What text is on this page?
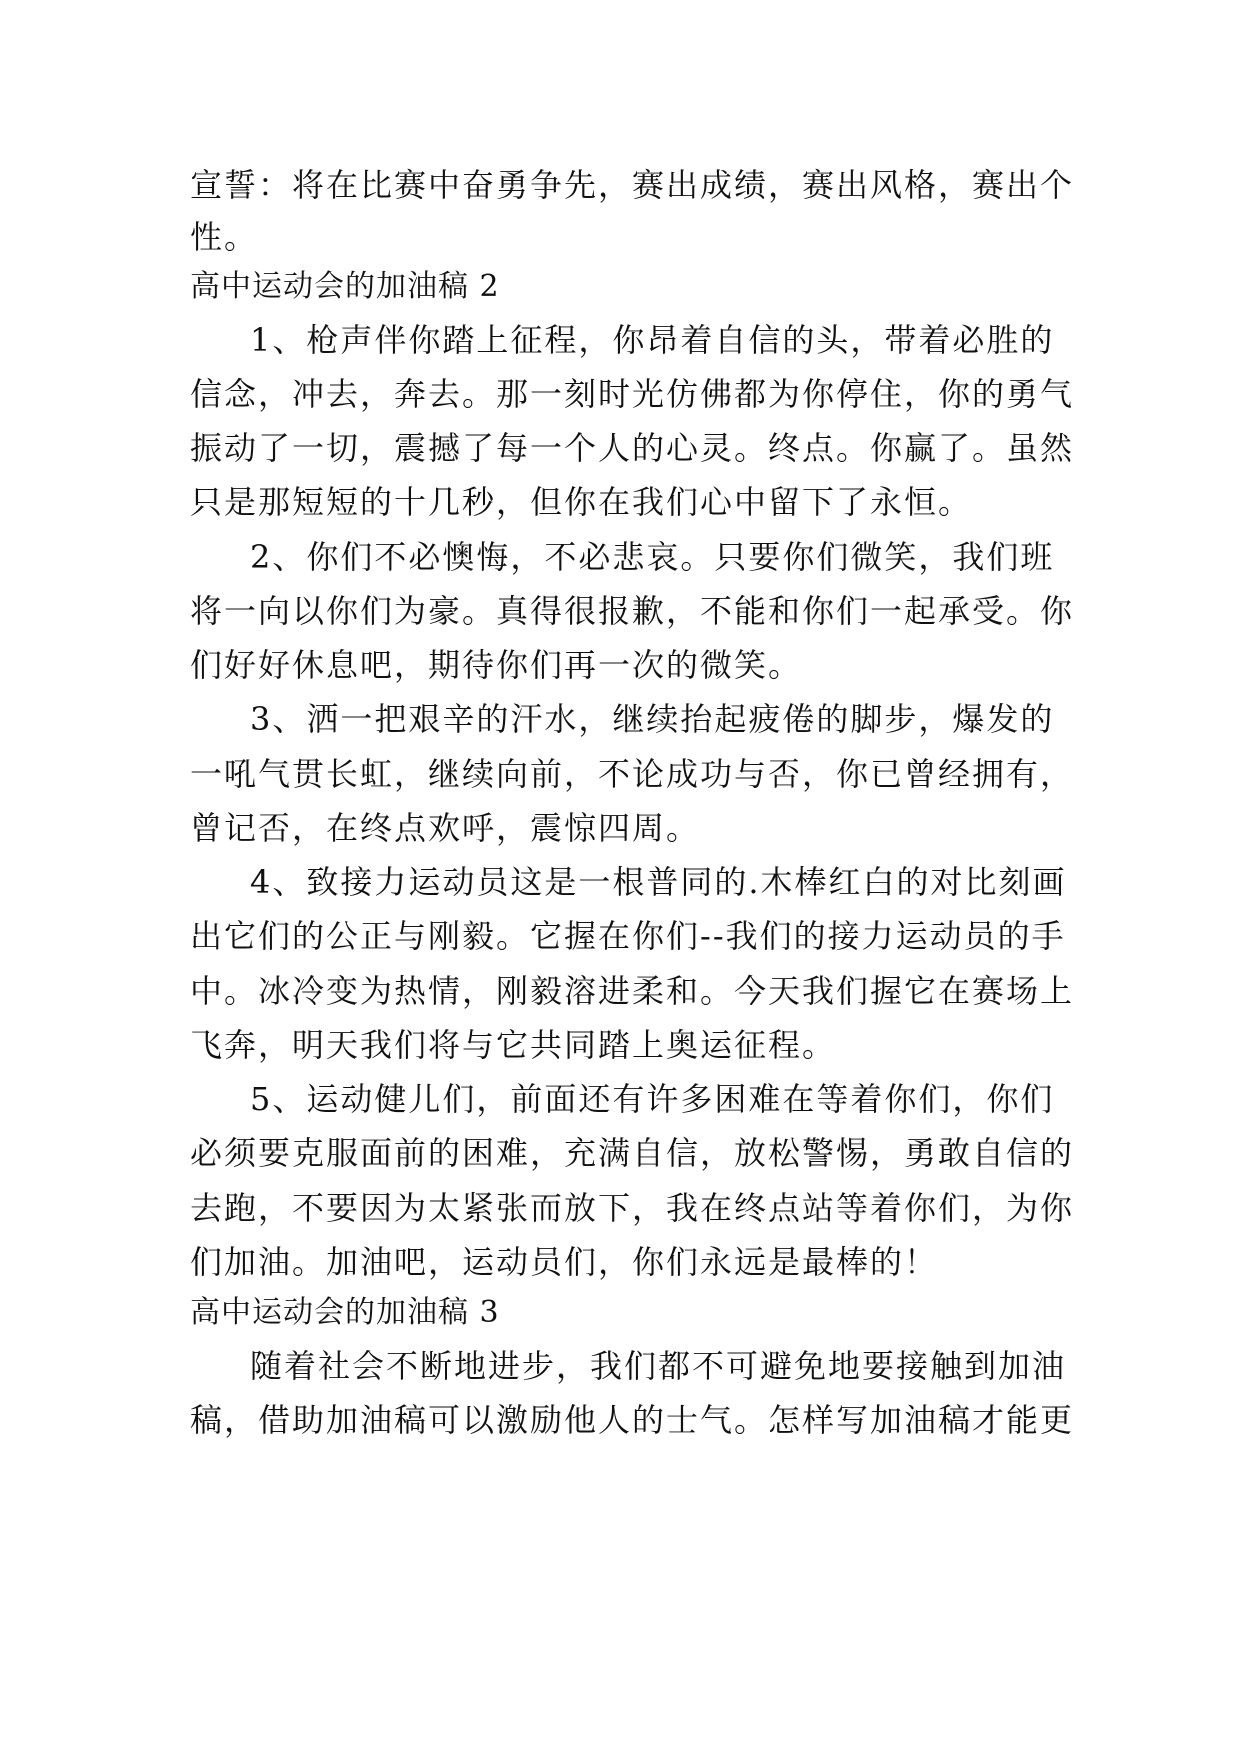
宣誓：将在比赛中奋勇争先，赛出成绩，赛出风格，赛出个
性。
高中运动会的加油稿 2
1、枪声伴你踏上征程，你昂着自信的头，带着必胜的
信念，冲去，奔去。那一刻时光仿佛都为你停住，你的勇气
振动了一切，震撼了每一个人的心灵。终点。你赢了。虽然
只是那短短的十几秒，但你在我们心中留下了永恒。
2、你们不必懊悔，不必悲哀。只要你们微笑，我们班
将一向以你们为豪。真得很报歉，不能和你们一起承受。你
们好好休息吧，期待你们再一次的微笑。
3、洒一把艰辛的汗水，继续抬起疲倦的脚步，爆发的
一吼气贯长虹，继续向前，不论成功与否，你已曾经拥有，
曾记否，在终点欢呼，震惊四周。
4、致接力运动员这是一根普同的.木棒红白的对比刻画
出它们的公正与刚毅。它握在你们--我们的接力运动员的手
中。冰冷变为热情，刚毅溶进柔和。今天我们握它在赛场上
飞奔，明天我们将与它共同踏上奥运征程。
5、运动健儿们，前面还有许多困难在等着你们，你们
必须要克服面前的困难，充满自信，放松警惕，勇敢自信的
去跑，不要因为太紧张而放下，我在终点站等着你们，为你
们加油。加油吧，运动员们，你们永远是最棒的！
高中运动会的加油稿 3
随着社会不断地进步，我们都不可避免地要接触到加油
稿，借助加油稿可以激励他人的士气。怎样写加油稿才能更
